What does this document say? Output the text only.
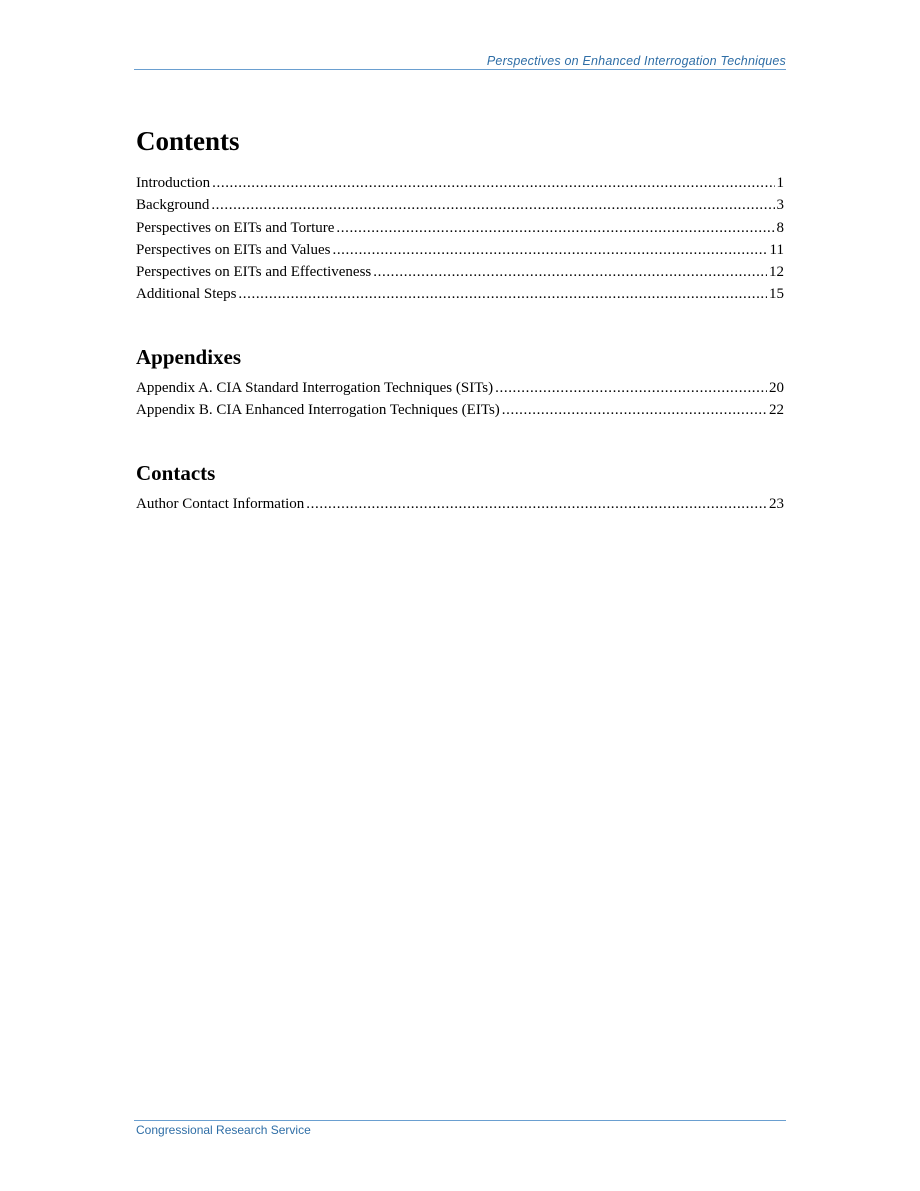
Perspectives on Enhanced Interrogation Techniques
Contents
Introduction .....	1
Background .....	3
Perspectives on EITs and Torture .....	8
Perspectives on EITs and Values .....	11
Perspectives on EITs and Effectiveness .....	12
Additional Steps .....	15
Appendixes
Appendix A. CIA Standard Interrogation Techniques (SITs) .....	20
Appendix B. CIA Enhanced Interrogation Techniques (EITs) .....	22
Contacts
Author Contact Information .....	23
Congressional Research Service
